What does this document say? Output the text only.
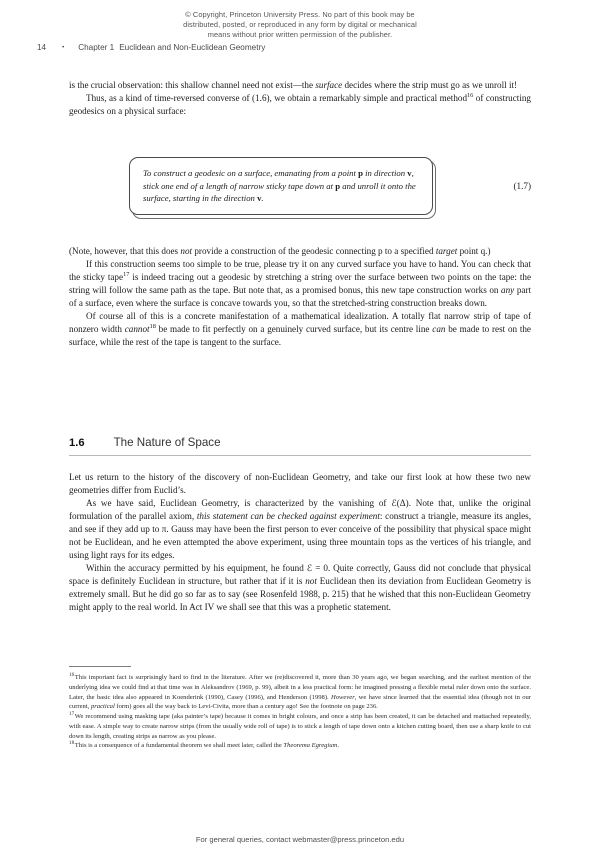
© Copyright, Princeton University Press. No part of this book may be
distributed, posted, or reproduced in any form by digital or mechanical
means without prior written permission of the publisher.
14	• Chapter 1 Euclidean and Non-Euclidean Geometry

is the crucial observation: this shallow channel need not exist—the surface decides where the strip must go as we unroll it!

Thus, as a kind of time-reversed converse of (1.6), we obtain a remarkably simple and practical method$^{16}$ of constructing geodesics on a physical surface:

To construct a geodesic on a surface, emanating from a point p in direction v, stick one end of a length of narrow sticky tape down at p and unroll it onto the surface, starting in the direction v.

(1.7)

(Note, however, that this does not provide a construction of the geodesic connecting p to a specified target point q.)

If this construction seems too simple to be true, please try it on any curved surface you have to hand. You can check that the sticky tape$^{17}$ is indeed tracing out a geodesic by stretching a string over the surface between two points on the tape: the string will follow the same path as the tape. But note that, as a promised bonus, this new tape construction works on any part of a surface, even where the surface is concave towards you, so that the stretched-string construction breaks down.

Of course all of this is a concrete manifestation of a mathematical idealization. A totally flat narrow strip of tape of nonzero width cannot$^{18}$ be made to fit perfectly on a genuinely curved surface, but its centre line can be made to rest on the surface, while the rest of the tape is tangent to the surface.

1.6	The Nature of Space

Let us return to the history of the discovery of non-Euclidean Geometry, and take our first look at how these two new geometries differ from Euclid’s.

As we have said, Euclidean Geometry, is characterized by the vanishing of ℰ(Δ). Note that, unlike the original formulation of the parallel axiom, this statement can be checked against experiment: construct a triangle, measure its angles, and see if they add up to π. Gauss may have been the first person to ever conceive of the possibility that physical space might not be Euclidean, and he even attempted the above experiment, using three mountain tops as the vertices of his triangle, and using light rays for its edges.

Within the accuracy permitted by his equipment, he found ℰ = 0. Quite correctly, Gauss did not conclude that physical space is definitely Euclidean in structure, but rather that if it is not Euclidean then its deviation from Euclidean Geometry is extremely small. But he did go so far as to say (see Rosenfeld 1988, p. 215) that he wished that this non-Euclidean Geometry might apply to the real world. In Act IV we shall see that this was a prophetic statement.

$^{16}$This important fact is surprisingly hard to find in the literature. After we (re)discovered it, more than 30 years ago, we began searching, and the earliest mention of the underlying idea we could find at that time was in Aleksandrov (1969, p. 99), albeit in a less practical form: he imagined pressing a flexible metal ruler down onto the surface. Later, the basic idea also appeared in Koenderink (1990), Casey (1996), and Henderson (1998). However, we have since learned that the essential idea (though not in our current, practical form) goes all the way back to Levi-Civita, more than a century ago! See the footnote on page 236.

$^{17}$We recommend using masking tape (aka painter’s tape) because it comes in bright colours, and once a strip has been created, it can be detached and reattached repeatedly, with ease. A simple way to create narrow strips (from the usually wide roll of tape) is to stick a length of tape down onto a kitchen cutting board, then use a sharp knife to cut down its length, creating strips as narrow as you please.

$^{18}$This is a consequence of a fundamental theorem we shall meet later, called the Theorema Egregium.

For general queries, contact webmaster@press.princeton.edu
